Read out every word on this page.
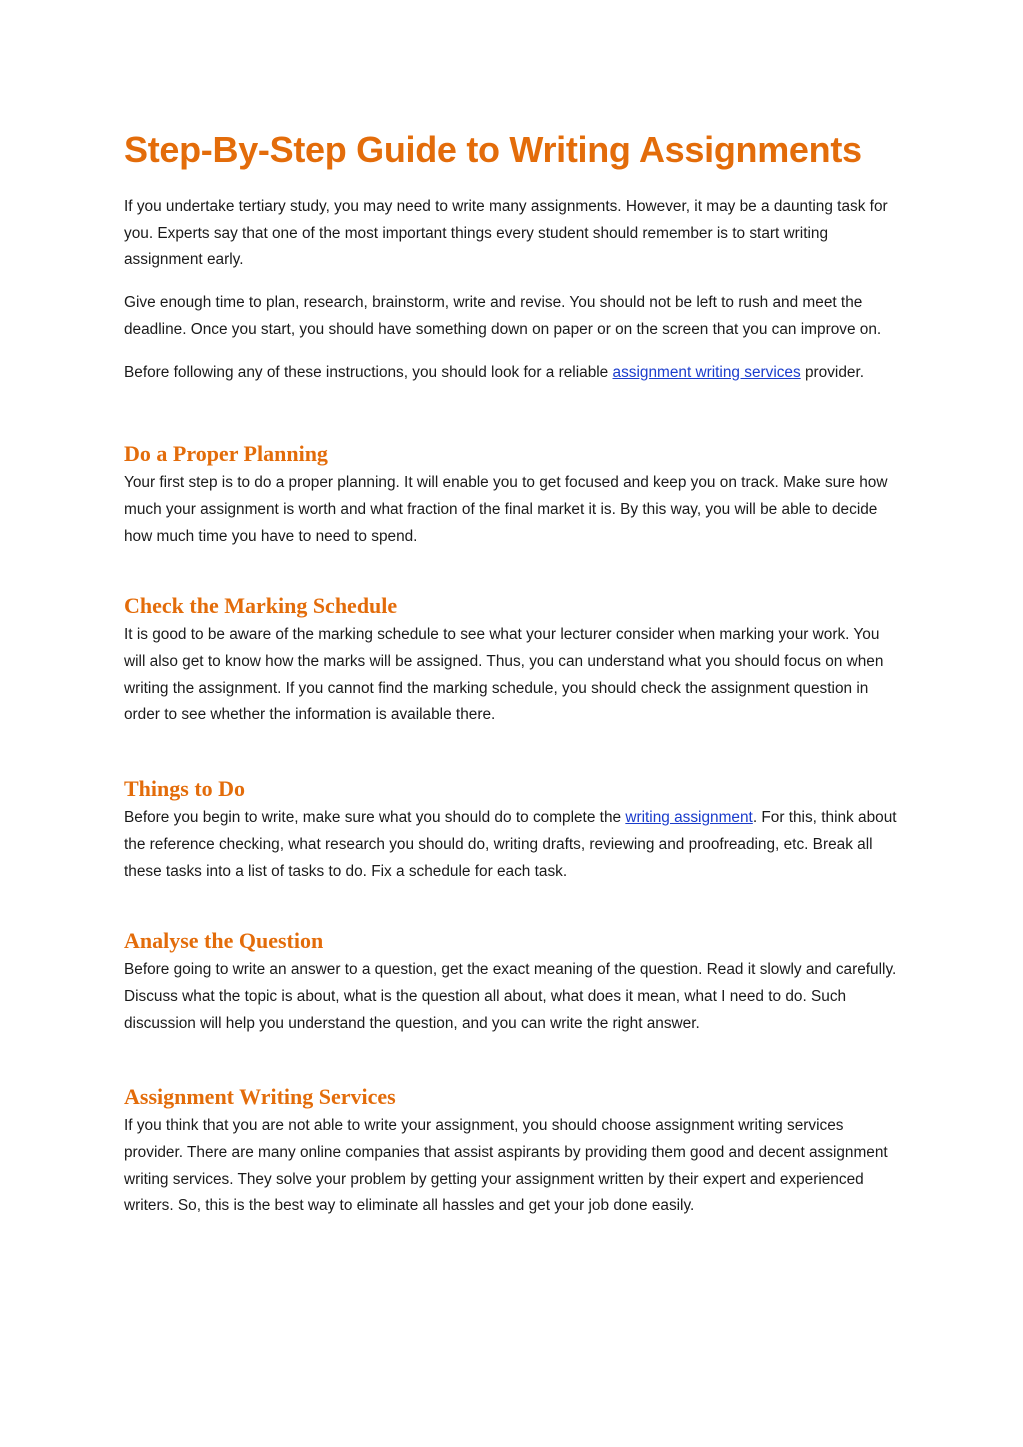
Step-By-Step Guide to Writing Assignments

If you undertake tertiary study, you may need to write many assignments. However, it may be a daunting task for you. Experts say that one of the most important things every student should remember is to start writing assignment early.

Give enough time to plan, research, brainstorm, write and revise. You should not be left to rush and meet the deadline. Once you start, you should have something down on paper or on the screen that you can improve on.

Before following any of these instructions, you should look for a reliable assignment writing services provider.

Do a Proper Planning

Your first step is to do a proper planning. It will enable you to get focused and keep you on track. Make sure how much your assignment is worth and what fraction of the final market it is. By this way, you will be able to decide how much time you have to need to spend.

Check the Marking Schedule

It is good to be aware of the marking schedule to see what your lecturer consider when marking your work. You will also get to know how the marks will be assigned. Thus, you can understand what you should focus on when writing the assignment. If you cannot find the marking schedule, you should check the assignment question in order to see whether the information is available there.

Things to Do

Before you begin to write, make sure what you should do to complete the writing assignment. For this, think about the reference checking, what research you should do, writing drafts, reviewing and proofreading, etc. Break all these tasks into a list of tasks to do. Fix a schedule for each task.

Analyse the Question

Before going to write an answer to a question, get the exact meaning of the question. Read it slowly and carefully. Discuss what the topic is about, what is the question all about, what does it mean, what I need to do. Such discussion will help you understand the question, and you can write the right answer.

Assignment Writing Services

If you think that you are not able to write your assignment, you should choose assignment writing services provider. There are many online companies that assist aspirants by providing them good and decent assignment writing services. They solve your problem by getting your assignment written by their expert and experienced writers. So, this is the best way to eliminate all hassles and get your job done easily.
